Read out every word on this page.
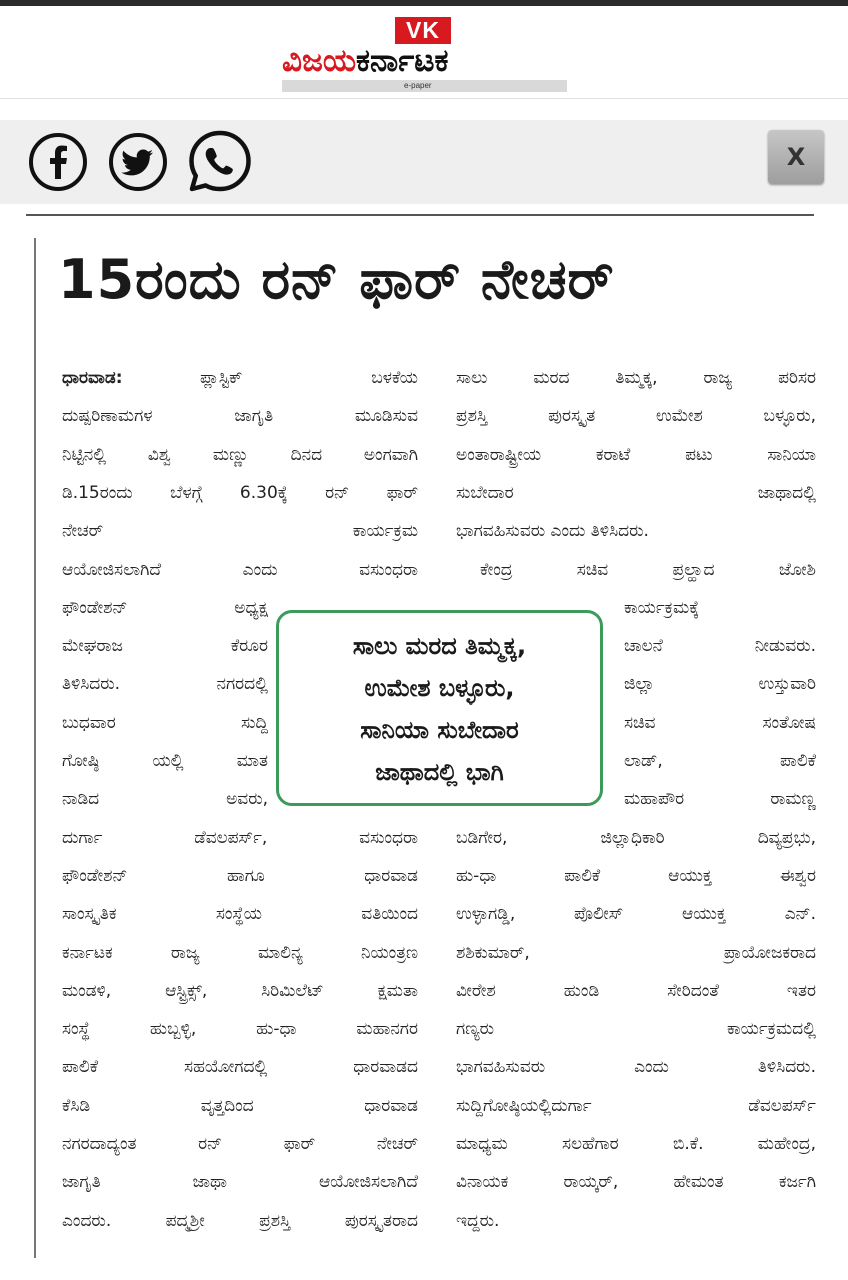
VK
ವಿಜಯಕರ್ನಾಟಕ
e-paper
X
15ರಂದು ರನ್ ಫಾರ್ ನೇಚರ್
ಧಾರವಾಡ:	ಪ್ಲಾಸ್ಟಿಕ್ ಬಳಕೆಯ
ದುಷ್ಪರಿಣಾಮಗಳ ಜಾಗೃತಿ ಮೂಡಿಸುವ
ನಿಟ್ಟಿನಲ್ಲಿ ವಿಶ್ವ ಮಣ್ಣು ದಿನದ ಅಂಗವಾಗಿ
ಡಿ.15ರಂದು ಬೆಳಗ್ಗೆ 6.30ಕ್ಕೆ ರನ್ ಫಾರ್
ನೇಚರ್ ಕಾರ್ಯಕ್ರಮ
ಆಯೋಜಿಸಲಾಗಿದೆ ಎಂದು ವಸುಂಧರಾ
ಫೌಂಡೇಶನ್ ಅಧ್ಯಕ್ಷ
ಮೇಘರಾಜ ಕೆರೂರ
ತಿಳಿಸಿದರು. ನಗರದಲ್ಲಿ
ಬುಧವಾರ ಸುದ್ದಿ
ಗೋಷ್ಠಿ ಯಲ್ಲಿ ಮಾತ
ನಾಡಿದ ಅವರು,
ದುರ್ಗಾ ಡೆವಲಪರ್ಸ್, ವಸುಂಧರಾ
ಫೌಂಡೇಶನ್ ಹಾಗೂ ಧಾರವಾಡ
ಸಾಂಸ್ಕೃತಿಕ ಸಂಸ್ಥೆಯ ವತಿಯಿಂದ
ಕರ್ನಾಟಕ ರಾಜ್ಯ ಮಾಲಿನ್ಯ ನಿಯಂತ್ರಣ
ಮಂಡಳಿ, ಆಸ್ಟ್ರಿಕ್ಸ್, ಸಿರಿಮಿಲೆಟ್ ಕ್ಷಮತಾ
ಸಂಸ್ಥೆ ಹುಬ್ಬಳ್ಳಿ, ಹು-ಧಾ ಮಹಾನಗರ
ಪಾಲಿಕೆ ಸಹಯೋಗದಲ್ಲಿ ಧಾರವಾಡದ
ಕೆಸಿಡಿ ವೃತ್ತದಿಂದ ಧಾರವಾಡ
ನಗರದಾದ್ಯಂತ ರನ್ ಫಾರ್ ನೇಚರ್
ಜಾಗೃತಿ ಜಾಥಾ ಆಯೋಜಿಸಲಾಗಿದೆ
ಎಂದರು. ಪದ್ಮಶ್ರೀ ಪ್ರಶಸ್ತಿ ಪುರಸ್ಕೃತರಾದ
ಸಾಲು ಮರದ ತಿಮ್ಮಕ್ಕ, ರಾಜ್ಯ ಪರಿಸರ
ಪ್ರಶಸ್ತಿ ಪುರಸ್ಕೃತ ಉಮೇಶ ಬಳ್ಳೂರು,
ಅಂತಾರಾಷ್ಟ್ರೀಯ ಕರಾಟೆ ಪಟು ಸಾನಿಯಾ
ಸುಬೇದಾರ ಜಾಥಾದಲ್ಲಿ
ಭಾಗವಹಿಸುವರು ಎಂದು ತಿಳಿಸಿದರು.
ಕೇಂದ್ರ ಸಚಿವ ಪ್ರಲ್ಹಾದ ಜೋಶಿ
ಕಾರ್ಯಕ್ರಮಕ್ಕೆ
ಚಾಲನೆ ನೀಡುವರು.
ಜಿಲ್ಲಾ ಉಸ್ತುವಾರಿ
ಸಚಿವ ಸಂತೋಷ
ಲಾಡ್, ಪಾಲಿಕೆ
ಮಹಾಪೌರ ರಾಮಣ್ಣ
ಬಡಿಗೇರ, ಜಿಲ್ಲಾಧಿಕಾರಿ ದಿವ್ಯಪ್ರಭು,
ಹು-ಧಾ ಪಾಲಿಕೆ ಆಯುಕ್ತ ಈಶ್ವರ
ಉಳ್ಳಾಗಡ್ಡಿ, ಪೊಲೀಸ್ ಆಯುಕ್ತ ಎನ್.
ಶಶಿಕುಮಾರ್, ಪ್ರಾಯೋಜಕರಾದ
ವೀರೇಶ ಹುಂಡಿ ಸೇರಿದಂತೆ ಇತರ
ಗಣ್ಯರು ಕಾರ್ಯಕ್ರಮದಲ್ಲಿ
ಭಾಗವಹಿಸುವರು ಎಂದು ತಿಳಿಸಿದರು.
ಸುದ್ದಿಗೋಷ್ಠಿಯಲ್ಲಿದುರ್ಗಾ ಡೆವಲಪರ್ಸ್
ಮಾಧ್ಯಮ ಸಲಹೆಗಾರ ಬಿ.ಕೆ. ಮಹೇಂದ್ರ,
ವಿನಾಯಕ ರಾಯ್ಕರ್, ಹೇಮಂತ ಕರ್ಜಗಿ
ಇದ್ದರು.
ಸಾಲು ಮರದ ತಿಮ್ಮಕ್ಕ,
ಉಮೇಶ ಬಳ್ಳೂರು,
ಸಾನಿಯಾ ಸುಬೇದಾರ
ಜಾಥಾದಲ್ಲಿ ಭಾಗಿ
